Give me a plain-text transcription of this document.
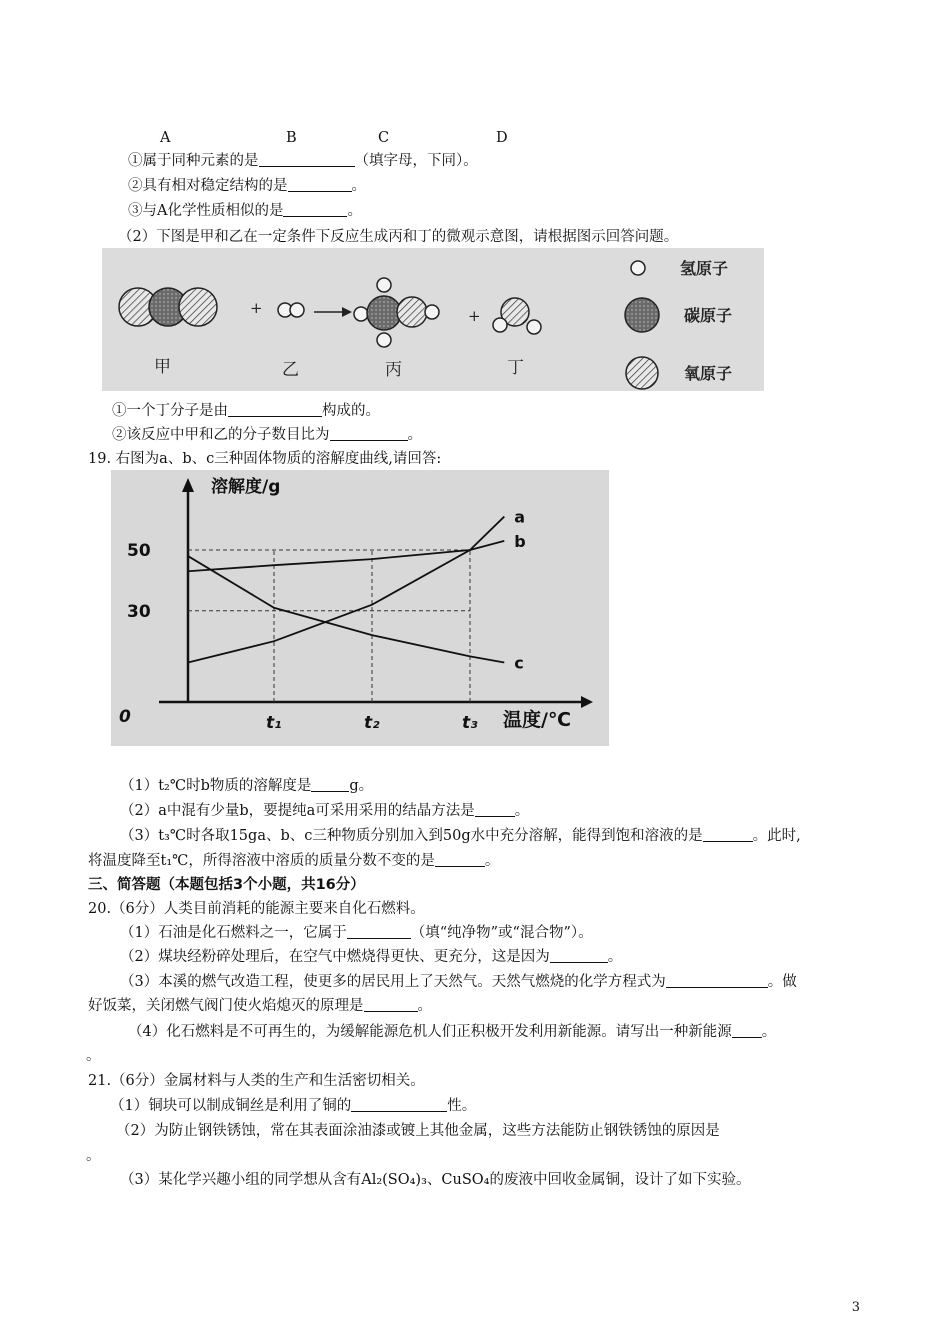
A	B	C	D
①属于同种元素的是	（填字母，下同）。
②具有相对稳定结构的是	。
③与A化学性质相似的是	。
（2）下图是甲和乙在一定条件下反应生成丙和丁的微观示意图，请根据图示回答问题。
+	+
甲	乙	丙	丁
氢原子
碳原子
氧原子
①一个丁分子是由	构成的。
②该反应中甲和乙的分子数目比为	。
19. 右图为a、b、c三种固体物质的溶解度曲线,请回答:
30
50
t₁	t₂	t₃
0
溶解度/g
温度/℃
a
b
c
（1）t₂℃时b物质的溶解度是	g。
（2）a中混有少量b，要提纯a可采用采用的结晶方法是	。
（3）t₃℃时各取15ga、b、c三种物质分别加入到50g水中充分溶解，能得到饱和溶液的是	。此时,
将温度降至t₁℃，所得溶液中溶质的质量分数不变的是	。
三、简答题（本题包括3个小题，共16分）
20.（6分）人类目前消耗的能源主要来自化石燃料。
（1）石油是化石燃料之一，它属于	（填“纯净物”或“混合物”）。
（2）煤块经粉碎处理后，在空气中燃烧得更快、更充分，这是因为	。
（3）本溪的燃气改造工程，使更多的居民用上了天然气。天然气燃烧的化学方程式为	。做
好饭菜，关闭燃气阀门使火焰熄灭的原理是	。
（4）化石燃料是不可再生的，为缓解能源危机人们正积极开发利用新能源。请写出一种新能源 。
。
21.（6分）金属材料与人类的生产和生活密切相关。
（1）铜块可以制成铜丝是利用了铜的	性。
（2）为防止钢铁锈蚀，常在其表面涂油漆或镀上其他金属，这些方法能防止钢铁锈蚀的原因是
。
（3）某化学兴趣小组的同学想从含有Al₂(SO₄)₃、CuSO₄的废液中回收金属铜，设计了如下实验。
3
